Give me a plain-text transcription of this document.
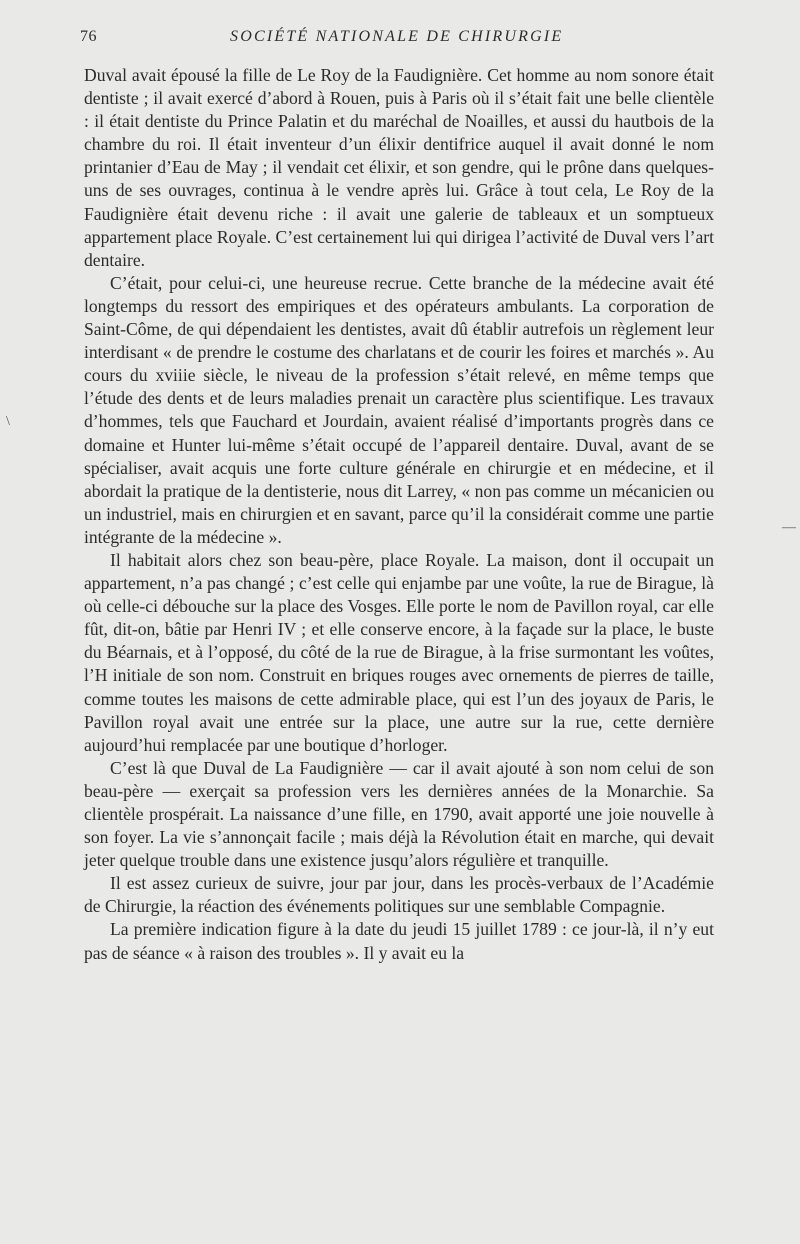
76	SOCIÉTÉ NATIONALE DE CHIRURGIE
\
—

Duval avait épousé la fille de Le Roy de la Faudignière. Cet homme au nom sonore était dentiste ; il avait exercé d’abord à Rouen, puis à Paris où il s’était fait une belle clientèle : il était dentiste du Prince Palatin et du maréchal de Noailles, et aussi du hautbois de la chambre du roi. Il était inventeur d’un élixir dentifrice auquel il avait donné le nom printanier d’Eau de May ; il vendait cet élixir, et son gendre, qui le prône dans quelques-uns de ses ouvrages, continua à le vendre après lui. Grâce à tout cela, Le Roy de la Faudignière était devenu riche : il avait une galerie de tableaux et un somptueux appartement place Royale. C’est certainement lui qui dirigea l’activité de Duval vers l’art dentaire.

C’était, pour celui-ci, une heureuse recrue. Cette branche de la médecine avait été longtemps du ressort des empiriques et des opérateurs ambulants. La corporation de Saint-Côme, de qui dépendaient les dentistes, avait dû établir autrefois un règlement leur interdisant « de prendre le costume des charlatans et de courir les foires et marchés ». Au cours du xviiie siècle, le niveau de la profession s’était relevé, en même temps que l’étude des dents et de leurs maladies prenait un caractère plus scientifique. Les travaux d’hommes, tels que Fauchard et Jourdain, avaient réalisé d’importants progrès dans ce domaine et Hunter lui-même s’était occupé de l’appareil dentaire. Duval, avant de se spécialiser, avait acquis une forte culture générale en chirurgie et en médecine, et il abordait la pratique de la dentisterie, nous dit Larrey, « non pas comme un mécanicien ou un industriel, mais en chirurgien et en savant, parce qu’il la considérait comme une partie intégrante de la médecine ».

Il habitait alors chez son beau-père, place Royale. La maison, dont il occupait un appartement, n’a pas changé ; c’est celle qui enjambe par une voûte, la rue de Birague, là où celle-ci débouche sur la place des Vosges. Elle porte le nom de Pavillon royal, car elle fût, dit-on, bâtie par Henri IV ; et elle conserve encore, à la façade sur la place, le buste du Béarnais, et à l’opposé, du côté de la rue de Birague, à la frise surmontant les voûtes, l’H initiale de son nom. Construit en briques rouges avec ornements de pierres de taille, comme toutes les maisons de cette admirable place, qui est l’un des joyaux de Paris, le Pavillon royal avait une entrée sur la place, une autre sur la rue, cette dernière aujourd’hui remplacée par une boutique d’horloger.

C’est là que Duval de La Faudignière — car il avait ajouté à son nom celui de son beau-père — exerçait sa profession vers les dernières années de la Monarchie. Sa clientèle prospérait. La naissance d’une fille, en 1790, avait apporté une joie nouvelle à son foyer. La vie s’annonçait facile ; mais déjà la Révolution était en marche, qui devait jeter quelque trouble dans une existence jusqu’alors régulière et tranquille.

Il est assez curieux de suivre, jour par jour, dans les procès-verbaux de l’Académie de Chirurgie, la réaction des événements politiques sur une semblable Compagnie.

La première indication figure à la date du jeudi 15 juillet 1789 : ce jour-là, il n’y eut pas de séance « à raison des troubles ». Il y avait eu la
